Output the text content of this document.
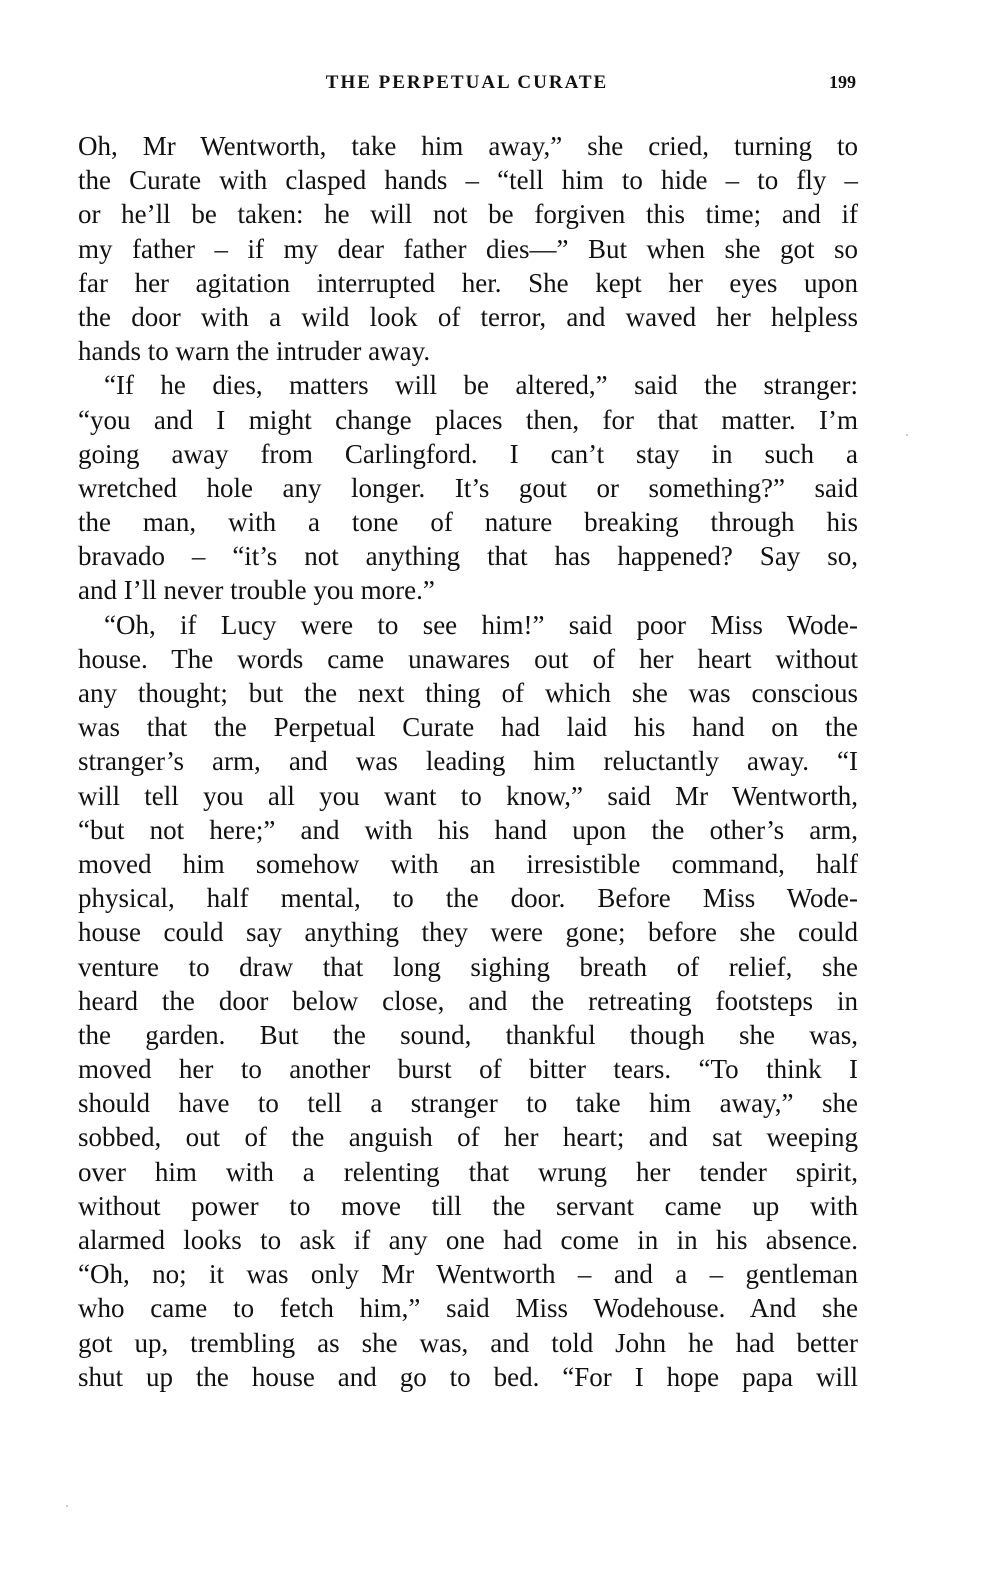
THE PERPETUAL CURATE	199
Oh, Mr Wentworth, take him away,” she cried, turning to
the Curate with clasped hands – “tell him to hide – to fly –
or he’ll be taken: he will not be forgiven this time; and if
my father – if my dear father dies—” But when she got so
far her agitation interrupted her. She kept her eyes upon
the door with a wild look of terror, and waved her helpless
hands to warn the intruder away.
“If he dies, matters will be altered,” said the stranger:
“you and I might change places then, for that matter. I’m
going away from Carlingford. I can’t stay in such a
wretched hole any longer. It’s gout or something?” said
the man, with a tone of nature breaking through his
bravado – “it’s not anything that has happened? Say so,
and I’ll never trouble you more.”
“Oh, if Lucy were to see him!” said poor Miss Wode-
house. The words came unawares out of her heart without
any thought; but the next thing of which she was conscious
was that the Perpetual Curate had laid his hand on the
stranger’s arm, and was leading him reluctantly away. “I
will tell you all you want to know,” said Mr Wentworth,
“but not here;” and with his hand upon the other’s arm,
moved him somehow with an irresistible command, half
physical, half mental, to the door. Before Miss Wode-
house could say anything they were gone; before she could
venture to draw that long sighing breath of relief, she
heard the door below close, and the retreating footsteps in
the garden. But the sound, thankful though she was,
moved her to another burst of bitter tears. “To think I
should have to tell a stranger to take him away,” she
sobbed, out of the anguish of her heart; and sat weeping
over him with a relenting that wrung her tender spirit,
without power to move till the servant came up with
alarmed looks to ask if any one had come in in his absence.
“Oh, no; it was only Mr Wentworth – and a – gentleman
who came to fetch him,” said Miss Wodehouse. And she
got up, trembling as she was, and told John he had better
shut up the house and go to bed. “For I hope papa will
